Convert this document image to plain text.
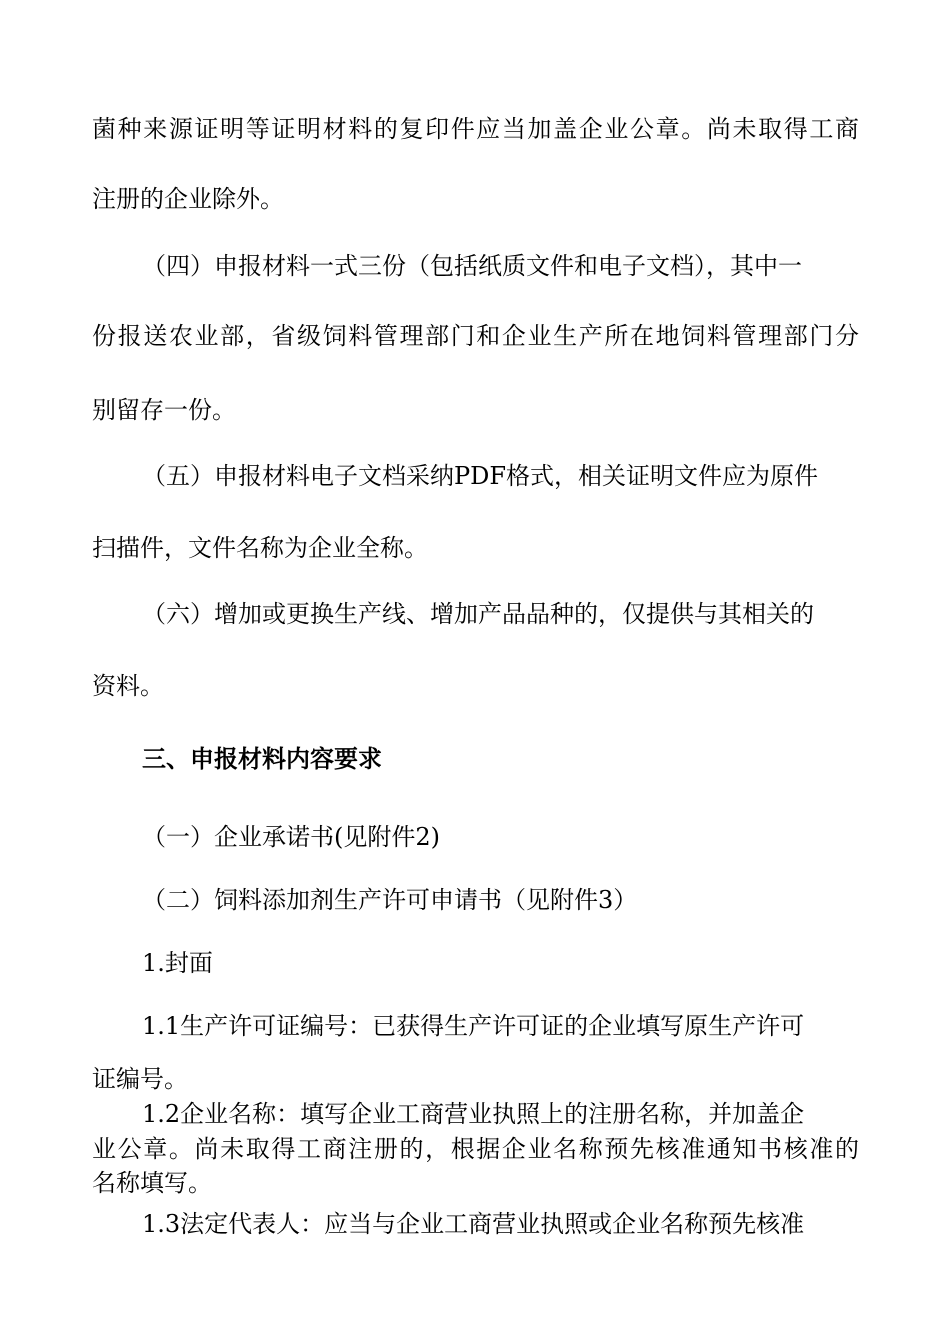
菌种来源证明等证明材料的复印件应当加盖企业公章。尚未取得工商

注册的企业除外。

（四）申报材料一式三份（包括纸质文件和电子文档），其中一

份报送农业部，省级饲料管理部门和企业生产所在地饲料管理部门分

别留存一份。

（五）申报材料电子文档采纳PDF格式，相关证明文件应为原件

扫描件，文件名称为企业全称。

（六）增加或更换生产线、增加产品品种的，仅提供与其相关的

资料。

三、申报材料内容要求

（一）企业承诺书(见附件2)

（二）饲料添加剂生产许可申请书（见附件3）

1.封面

1.1生产许可证编号：已获得生产许可证的企业填写原生产许可

证编号。

1.2企业名称：填写企业工商营业执照上的注册名称，并加盖企

业公章。尚未取得工商注册的，根据企业名称预先核准通知书核准的

名称填写。

1.3法定代表人：应当与企业工商营业执照或企业名称预先核准
